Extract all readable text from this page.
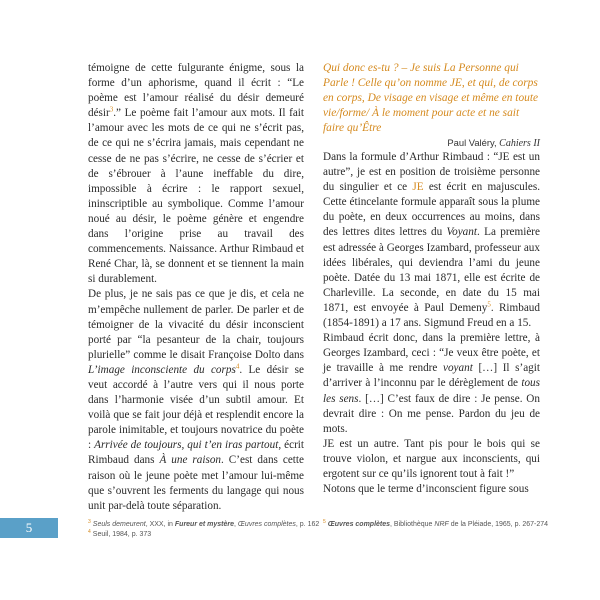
témoigne de cette fulgurante énigme, sous la forme d’un aphorisme, quand il écrit : “Le poème est l’amour réalisé du désir demeuré désir$^3$.” Le poème fait l’amour aux mots. Il fait l’amour avec les mots de ce qui ne s’écrit pas, de ce qui ne s’écrira jamais, mais cependant ne cesse de ne pas s’écrire, ne cesse de s’écrier et de s’ébrouer à l’aune ineffable du dire, impossible à écrire : le rapport sexuel, ininscriptible au symbolique. Comme l’amour noué au désir, le poème génère et engendre dans l’origine prise au travail des commencements. Naissance. Arthur Rimbaud et René Char, là, se donnent et se tiennent la main si durablement.

De plus, je ne sais pas ce que je dis, et cela ne m’empêche nullement de parler. De parler et de témoigner de la vivacité du désir inconscient porté par “la pesanteur de la chair, toujours plurielle” comme le disait Françoise Dolto dans L’image inconsciente du corps$^4$. Le désir se veut accordé à l’autre vers qui il nous porte dans l’harmonie visée d’un subtil amour. Et voilà que se fait jour déjà et resplendit encore la parole inimitable, et toujours novatrice du poète : Arrivée de toujours, qui t’en iras partout, écrit Rimbaud dans À une raison. C’est dans cette raison où le jeune poète met l’amour lui-même que s’ouvrent les ferments du langage qui nous unit par-delà toute séparation.

Qui donc es-tu ? – Je suis La Personne qui Parle ! Celle qu’on nomme JE, et qui, de corps en corps, De visage en visage et même en toute vie/forme/ À le moment pour acte et ne sait faire qu’Être

Paul Valéry, Cahiers II

Dans la formule d’Arthur Rimbaud : “JE est un autre”, je est en position de troisième personne du singulier et ce JE est écrit en majuscules. Cette étincelante formule apparaît sous la plume du poète, en deux occurrences au moins, dans des lettres dites lettres du Voyant. La première est adressée à Georges Izambard, professeur aux idées libérales, qui deviendra l’ami du jeune poète. Datée du 13 mai 1871, elle est écrite de Charleville. La seconde, en date du 15 mai 1871, est envoyée à Paul Demeny$^5$. Rimbaud (1854-1891) a 17 ans. Sigmund Freud en a 15.

Rimbaud écrit donc, dans la première lettre, à Georges Izambard, ceci : “Je veux être poète, et je travaille à me rendre voyant […] Il s’agit d’arriver à l’inconnu par le dérèglement de tous les sens. […] C’est faux de dire : Je pense. On devrait dire : On me pense. Pardon du jeu de mots.

JE est un autre. Tant pis pour le bois qui se trouve violon, et nargue aux inconscients, qui ergotent sur ce qu’ils ignorent tout à fait !”

Notons que le terme d’inconscient figure sous

5	$^3$ Seuls demeurent, XXX, in Fureur et mystère, Œuvres complètes, p. 162
$^4$ Seuil, 1984, p. 373
$^5$ Œuvres complètes, Bibliothèque NRF de la Pléiade, 1965, p. 267-274
